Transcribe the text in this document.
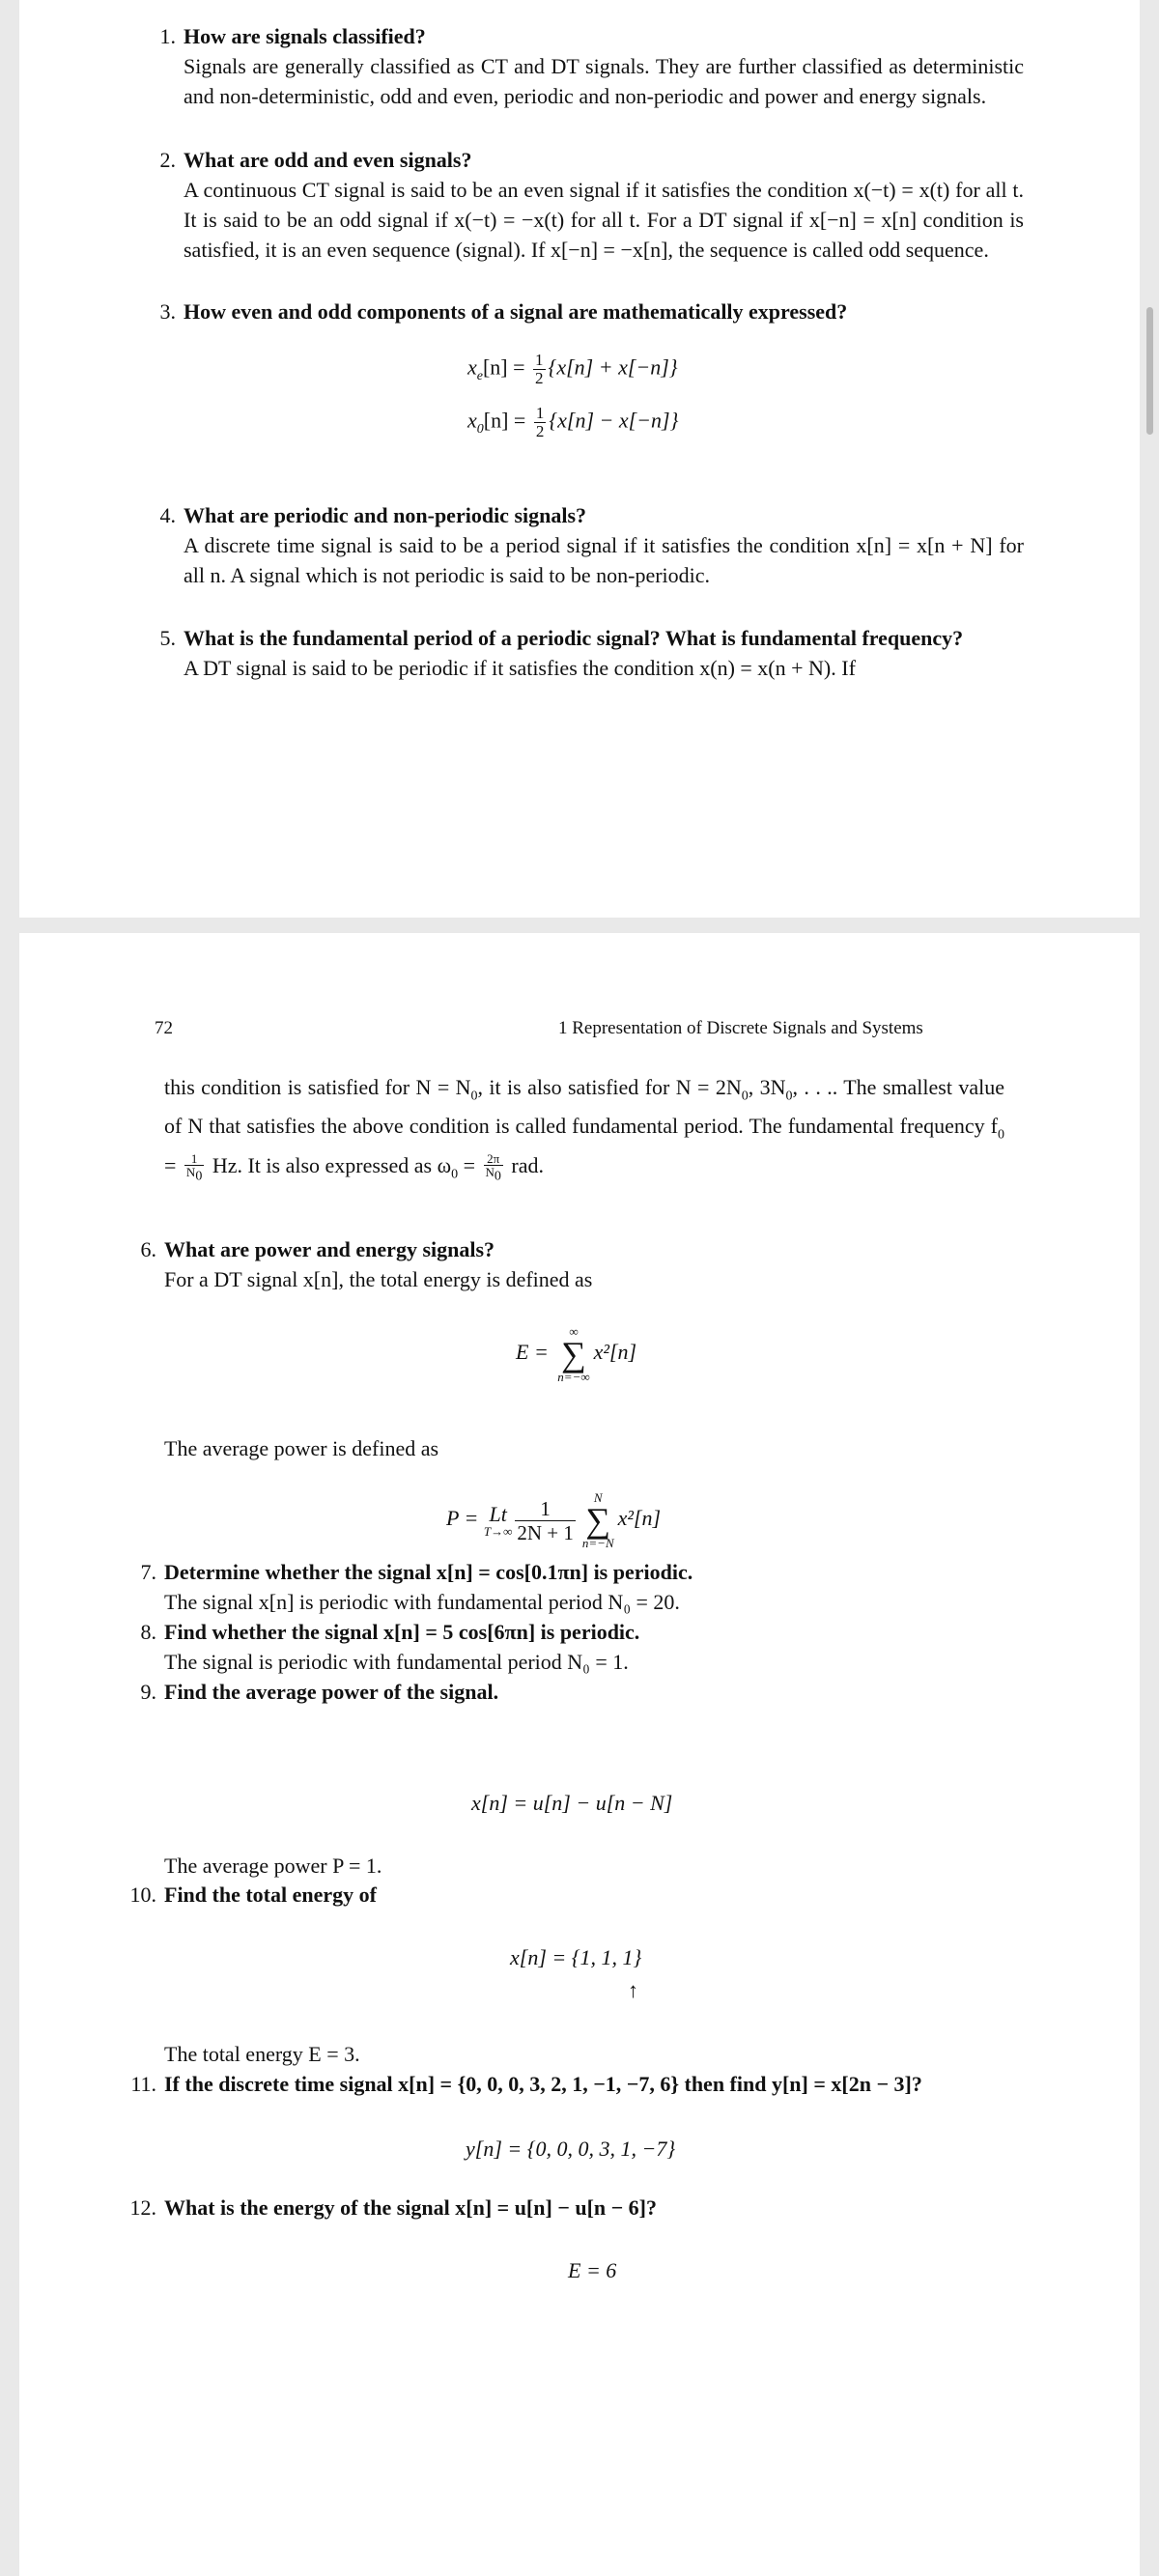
1. How are signals classified?
Signals are generally classified as CT and DT signals. They are further classified as deterministic and non-deterministic, odd and even, periodic and non-periodic and power and energy signals.
2. What are odd and even signals?
A continuous CT signal is said to be an even signal if it satisfies the condition x(−t) = x(t) for all t. It is said to be an odd signal if x(−t) = −x(t) for all t. For a DT signal if x[−n] = x[n] condition is satisfied, it is an even sequence (signal). If x[−n] = −x[n], the sequence is called odd sequence.
3. How even and odd components of a signal are mathematically expressed?
$x_e[n] = \frac{1}{2} \{x[n] + x[-n]\}$
$x_0[n] = \frac{1}{2} \{x[n] - x[-n]\}$
4. What are periodic and non-periodic signals?
A discrete time signal is said to be a period signal if it satisfies the condition x[n] = x[n + N] for all n. A signal which is not periodic is said to be non-periodic.
5. What is the fundamental period of a periodic signal? What is fundamental frequency?
A DT signal is said to be periodic if it satisfies the condition x(n) = x(n + N). If
72	1 Representation of Discrete Signals and Systems
this condition is satisfied for $N = N_0$, it is also satisfied for $N = 2N_0$, $3N_0$, . . .. The smallest value of N that satisfies the above condition is called fundamental period. The fundamental frequency $f_0 = \frac{1}{N_0} Hz$. It is also expressed as $\omega_0 = \frac{2\pi}{N_0}$ rad.
6. What are power and energy signals?
For a DT signal x[n], the total energy is defined as
E =
∞
∑
n=−∞
x²[n]
The average power is defined as
P = Lt
$T\to\infty \frac{1}{2N + 1}$	N
∑
n=−N
x²[n]
7. Determine whether the signal x[n] = cos[0.1πn] is periodic.
The signal x[n] is periodic with fundamental period N₀ = 20.
8. Find whether the signal x[n] = 5 cos[6πn] is periodic.
The signal is periodic with fundamental period N₀ = 1.
9. Find the average power of the signal.
x[n] = u[n] − u[n − N]
The average power P = 1.
10. Find the total energy of
x[n] = {1, 1, 1}
↑
The total energy E = 3.
11. If the discrete time signal x[n] = {0, 0, 0, 3, 2, 1, −1, −7, 6} then find y[n] = x[2n − 3]?
y[n] = {0, 0, 0, 3, 1, −7}
12. What is the energy of the signal x[n] = u[n] − u[n − 6]?
E = 6
